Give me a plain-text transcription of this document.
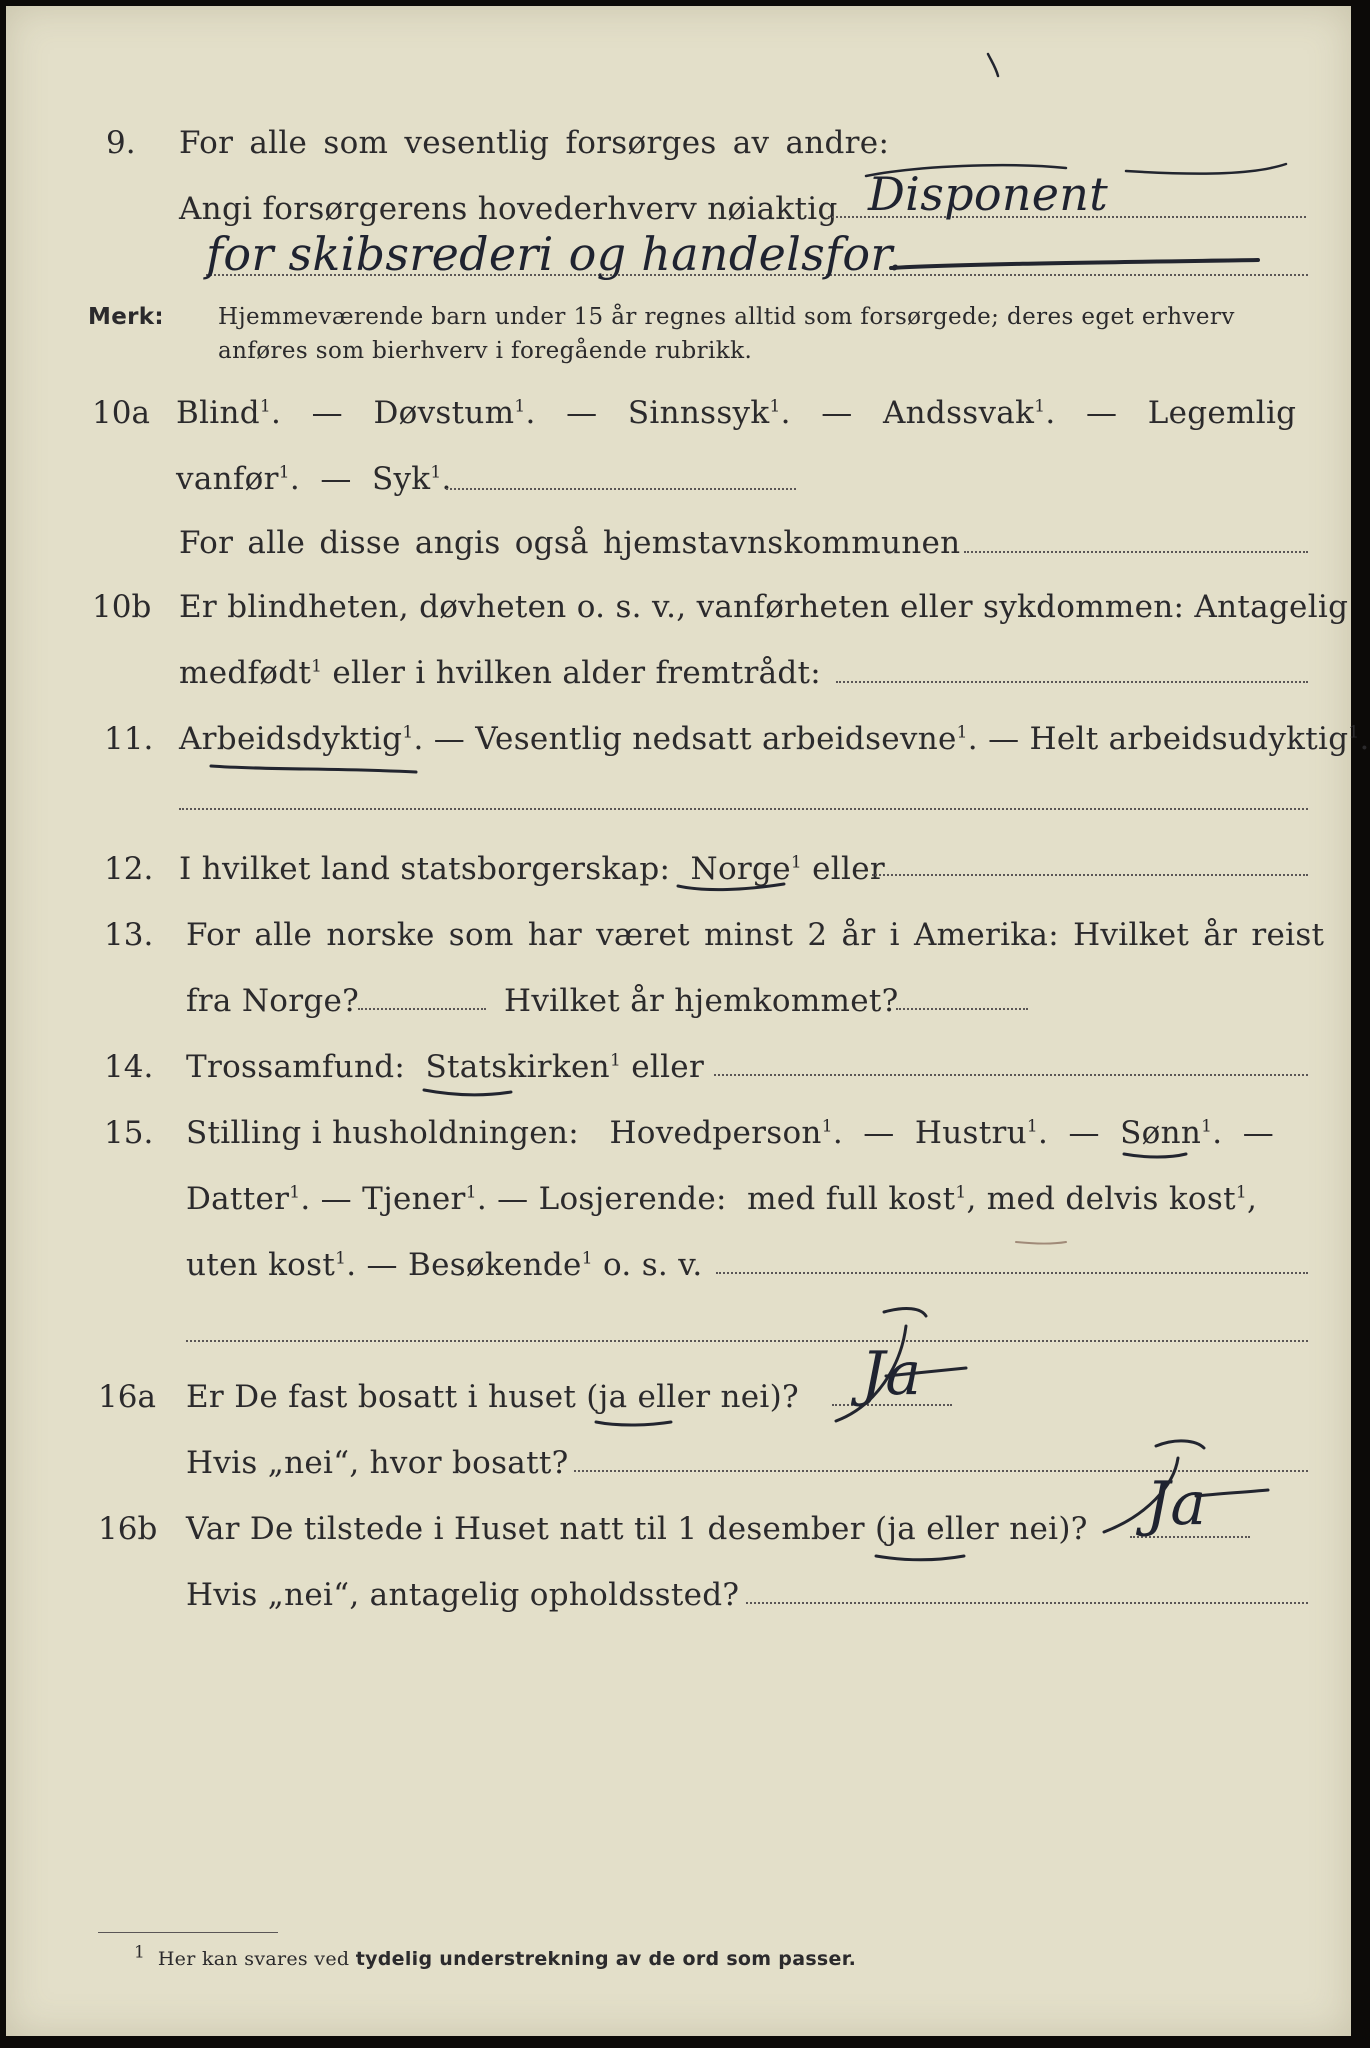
9. For alle som vesentlig forsørges av andre:
Angi forsørgerens hovederhverv nøiaktig Disponent
for skibsrederi og handelsfor.
Merk: Hjemmeværende barn under 15 år regnes alltid som forsørgede; deres eget erhverv
anføres som bierhverv i foregående rubrikk.
10a Blind$^1$.   — Døvstum$^1$.   — Sinnssyk$^1$.   — Andssvak$^1$.   — Legemlig
vanfør$^1$.  — Syk$^1$.
For alle disse angis også hjemstavnskommunen
10b Er blindheten, døvheten o. s. v., vanførheten eller sykdommen: Antagelig
medfødt$^1$ eller i hvilken alder fremtrådt:
11. Arbeidsdyktig$^1$. — Vesentlig nedsatt arbeidsevne$^1$. — Helt arbeidsudyktig$^1$.
12. I hvilket land statsborgerskap: Norge$^1$ eller
13. For alle norske som har været minst 2 år i Amerika: Hvilket år reist
fra Norge?	Hvilket år hjemkommet?
14. Trossamfund: Statskirken$^1$ eller
15. Stilling i husholdningen: Hovedperson$^1$.  — Hustru$^1$.  — Sønn$^1$.  —
Datter$^1$. — Tjener$^1$. — Losjerende: med full kost$^1$, med delvis kost$^1$,
uten kost$^1$. — Besøkende$^1$ o. s. v.
16a Er De fast bosatt i huset (ja eller nei)?
Hvis „nei“, hvor bosatt?
Ja
16b Var De tilstede i Huset natt til 1 desember (ja eller nei)?
Hvis „nei“, antagelig opholdssted?
Ja
1 Her kan svares ved tydelig understrekning av de ord som passer.
